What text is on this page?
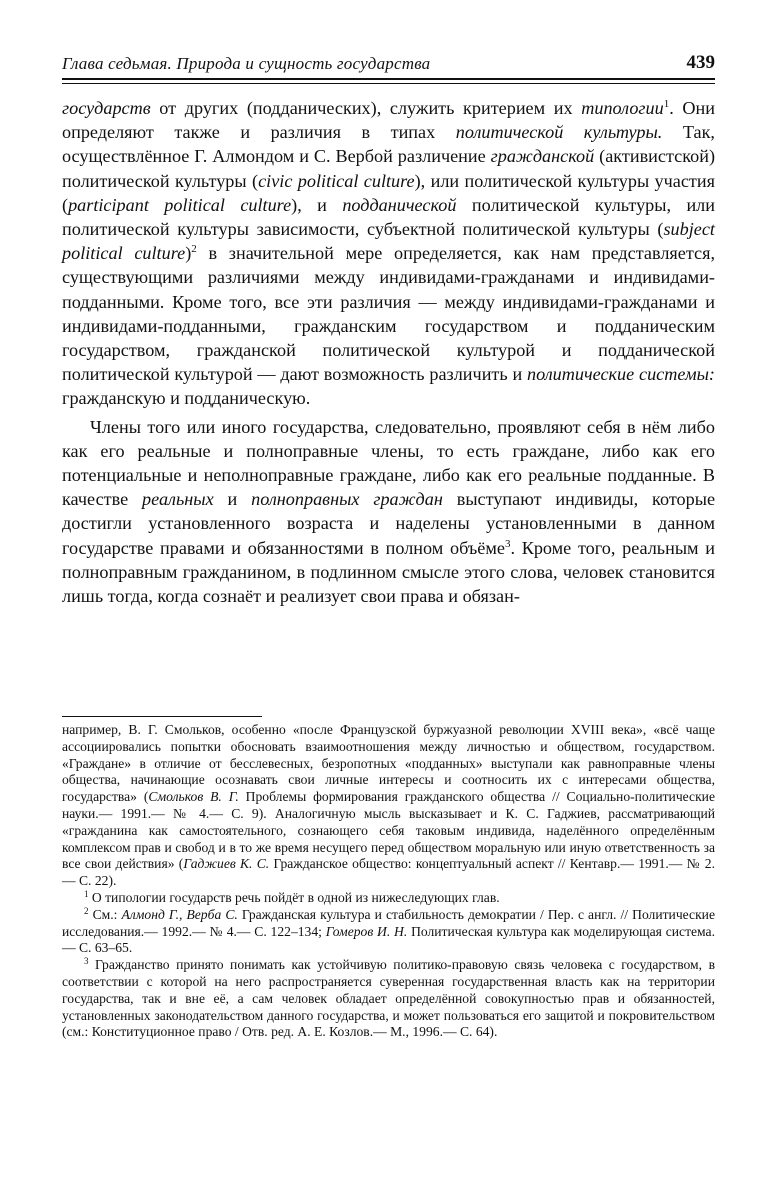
Глава седьмая. Природа и сущность государства	439

государств от других (подданических), служить критерием их типологии$^1$. Они определяют также и различия в типах политической культуры. Так, осуществлённое Г. Алмондом и С. Вербой различение гражданской (активистской) политической культуры (civic political culture), или политической культуры участия (participant political culture), и подданической политической культуры, или политической культуры зависимости, субъектной политической культуры (subject political culture)$^2$ в значительной мере определяется, как нам представляется, существующими различиями между индивидами-гражданами и индивидами-подданными. Кроме того, все эти различия — между индивидами-гражданами и индивидами-подданными, гражданским государством и подданическим государством, гражданской политической культурой и подданической политической культурой — дают возможность различить и политические системы: гражданскую и подданическую.

Члены того или иного государства, следовательно, проявляют себя в нём либо как его реальные и полноправные члены, то есть граждане, либо как его потенциальные и неполноправные граждане, либо как его реальные подданные. В качестве реальных и полноправных граждан выступают индивиды, которые достигли установленного возраста и наделены установленными в данном государстве правами и обязанностями в полном объёме$^3$. Кроме того, реальным и полноправным гражданином, в подлинном смысле этого слова, человек становится лишь тогда, когда сознаёт и реализует свои права и обязан-

например, В. Г. Смольков, особенно «после Французской буржуазной революции XVIII века», «всё чаще ассоциировались попытки обосновать взаимоотношения между личностью и обществом, государством. «Граждане» в отличие от бесслевесных, безропотных «подданных» выступали как равноправные члены общества, начинающие осознавать свои личные интересы и соотносить их с интересами общества, государства» (Смольков В. Г. Проблемы формирования гражданского общества // Социально-политические науки.— 1991.— № 4.— С. 9). Аналогичную мысль высказывает и К. С. Гаджиев, рассматривающий «гражданина как самостоятельного, сознающего себя таковым индивида, наделённого определённым комплексом прав и свобод и в то же время несущего перед обществом моральную или иную ответственность за все свои действия» (Гаджиев К. С. Гражданское общество: концептуальный аспект // Кентавр.— 1991.— № 2.— С. 22).

$^1$ О типологии государств речь пойдёт в одной из нижеследующих глав.

$^2$ См.: Алмонд Г., Верба С. Гражданская культура и стабильность демократии / Пер. с англ. // Политические исследования.— 1992.— № 4.— С. 122–134; Гомеров И. Н. Политическая культура как моделирующая система.— С. 63–65.

$^3$ Гражданство принято понимать как устойчивую политико-правовую связь человека с государством, в соответствии с которой на него распространяется суверенная государственная власть как на территории государства, так и вне её, а сам человек обладает определённой совокупностью прав и обязанностей, установленных законодательством данного государства, и может пользоваться его защитой и покровительством (см.: Конституционное право / Отв. ред. А. Е. Козлов.— М., 1996.— С. 64).
